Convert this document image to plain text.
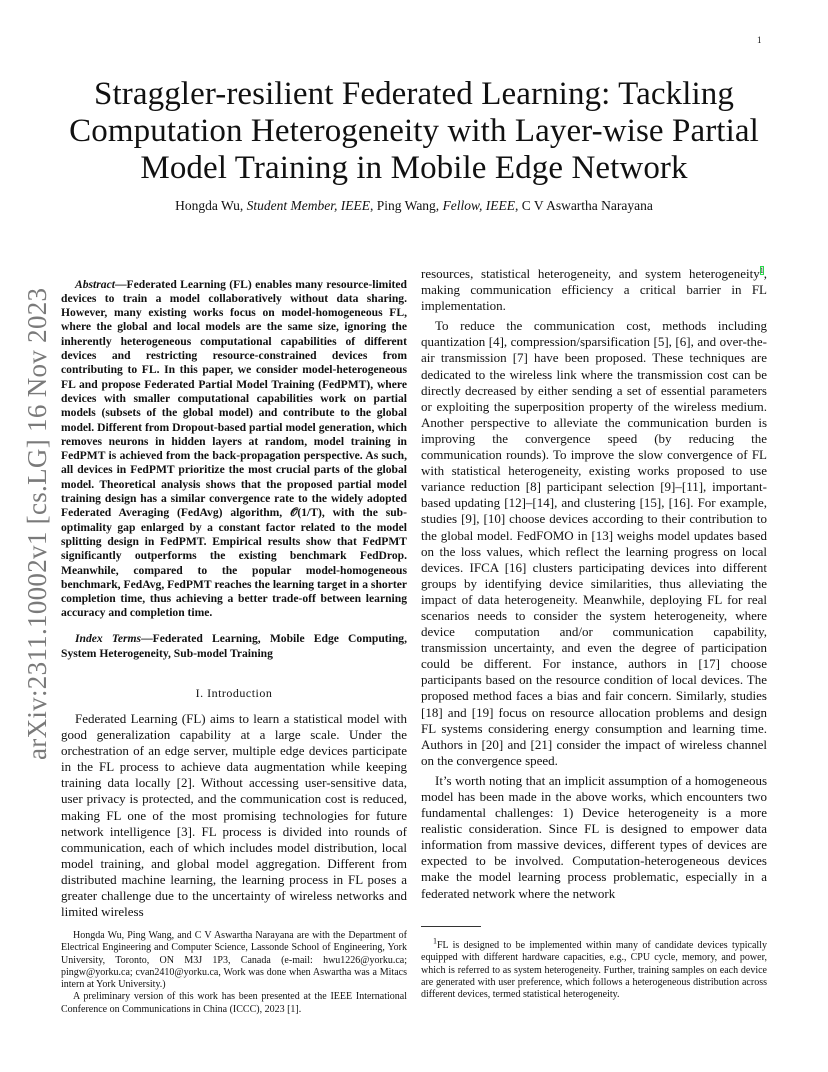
1
arXiv:2311.10002v1 [cs.LG] 16 Nov 2023
Straggler-resilient Federated Learning: Tackling Computation Heterogeneity with Layer-wise Partial Model Training in Mobile Edge Network
Hongda Wu, Student Member, IEEE, Ping Wang, Fellow, IEEE, C V Aswartha Narayana

Abstract—Federated Learning (FL) enables many resource-limited devices to train a model collaboratively without data sharing. However, many existing works focus on model-homogeneous FL, where the global and local models are the same size, ignoring the inherently heterogeneous computational capabilities of different devices and restricting resource-constrained devices from contributing to FL. In this paper, we consider model-heterogeneous FL and propose Federated Partial Model Training (FedPMT), where devices with smaller computational capabilities work on partial models (subsets of the global model) and contribute to the global model. Different from Dropout-based partial model generation, which removes neurons in hidden layers at random, model training in FedPMT is achieved from the back-propagation perspective. As such, all devices in FedPMT prioritize the most crucial parts of the global model. Theoretical analysis shows that the proposed partial model training design has a similar convergence rate to the widely adopted Federated Averaging (FedAvg) algorithm, 𝒪(1/T), with the sub-optimality gap enlarged by a constant factor related to the model splitting design in FedPMT. Empirical results show that FedPMT significantly outperforms the existing benchmark FedDrop. Meanwhile, compared to the popular model-homogeneous benchmark, FedAvg, FedPMT reaches the learning target in a shorter completion time, thus achieving a better trade-off between learning accuracy and completion time.

Index Terms—Federated Learning, Mobile Edge Computing, System Heterogeneity, Sub-model Training

I. Introduction

Federated Learning (FL) aims to learn a statistical model with good generalization capability at a large scale. Under the orchestration of an edge server, multiple edge devices participate in the FL process to achieve data augmentation while keeping training data locally [2]. Without accessing user-sensitive data, user privacy is protected, and the communication cost is reduced, making FL one of the most promising technologies for future network intelligence [3]. FL process is divided into rounds of communication, each of which includes model distribution, local model training, and global model aggregation. Different from distributed machine learning, the learning process in FL poses a greater challenge due to the uncertainty of wireless networks and limited wireless

resources, statistical heterogeneity, and system heterogeneity$^1$, making communication efficiency a critical barrier in FL implementation.

To reduce the communication cost, methods including quantization [4], compression/sparsification [5], [6], and over-the-air transmission [7] have been proposed. These techniques are dedicated to the wireless link where the transmission cost can be directly decreased by either sending a set of essential parameters or exploiting the superposition property of the wireless medium. Another perspective to alleviate the communication burden is improving the convergence speed (by reducing the communication rounds). To improve the slow convergence of FL with statistical heterogeneity, existing works proposed to use variance reduction [8] participant selection [9]–[11], important-based updating [12]–[14], and clustering [15], [16]. For example, studies [9], [10] choose devices according to their contribution to the global model. FedFOMO in [13] weighs model updates based on the loss values, which reflect the learning progress on local devices. IFCA [16] clusters participating devices into different groups by identifying device similarities, thus alleviating the impact of data heterogeneity. Meanwhile, deploying FL for real scenarios needs to consider the system heterogeneity, where device computation and/or communication capability, transmission uncertainty, and even the degree of participation could be different. For instance, authors in [17] choose participants based on the resource condition of local devices. The proposed method faces a bias and fair concern. Similarly, studies [18] and [19] focus on resource allocation problems and design FL systems considering energy consumption and learning time. Authors in [20] and [21] consider the impact of wireless channel on the convergence speed.

It’s worth noting that an implicit assumption of a homogeneous model has been made in the above works, which encounters two fundamental challenges: 1) Device heterogeneity is a more realistic consideration. Since FL is designed to empower data information from massive devices, different types of devices are expected to be involved. Computation-heterogeneous devices make the model learning process problematic, especially in a federated network where the network

Hongda Wu, Ping Wang, and C V Aswartha Narayana are with the Department of Electrical Engineering and Computer Science, Lassonde School of Engineering, York University, Toronto, ON M3J 1P3, Canada (e-mail: hwu1226@yorku.ca; pingw@yorku.ca; cvan2410@yorku.ca, Work was done when Aswartha was a Mitacs intern at York University.)

A preliminary version of this work has been presented at the IEEE International Conference on Communications in China (ICCC), 2023 [1].

$^1$FL is designed to be implemented within many of candidate devices typically equipped with different hardware capacities, e.g., CPU cycle, memory, and power, which is referred to as system heterogeneity. Further, training samples on each device are generated with user preference, which follows a heterogeneous distribution across different devices, termed statistical heterogeneity.
